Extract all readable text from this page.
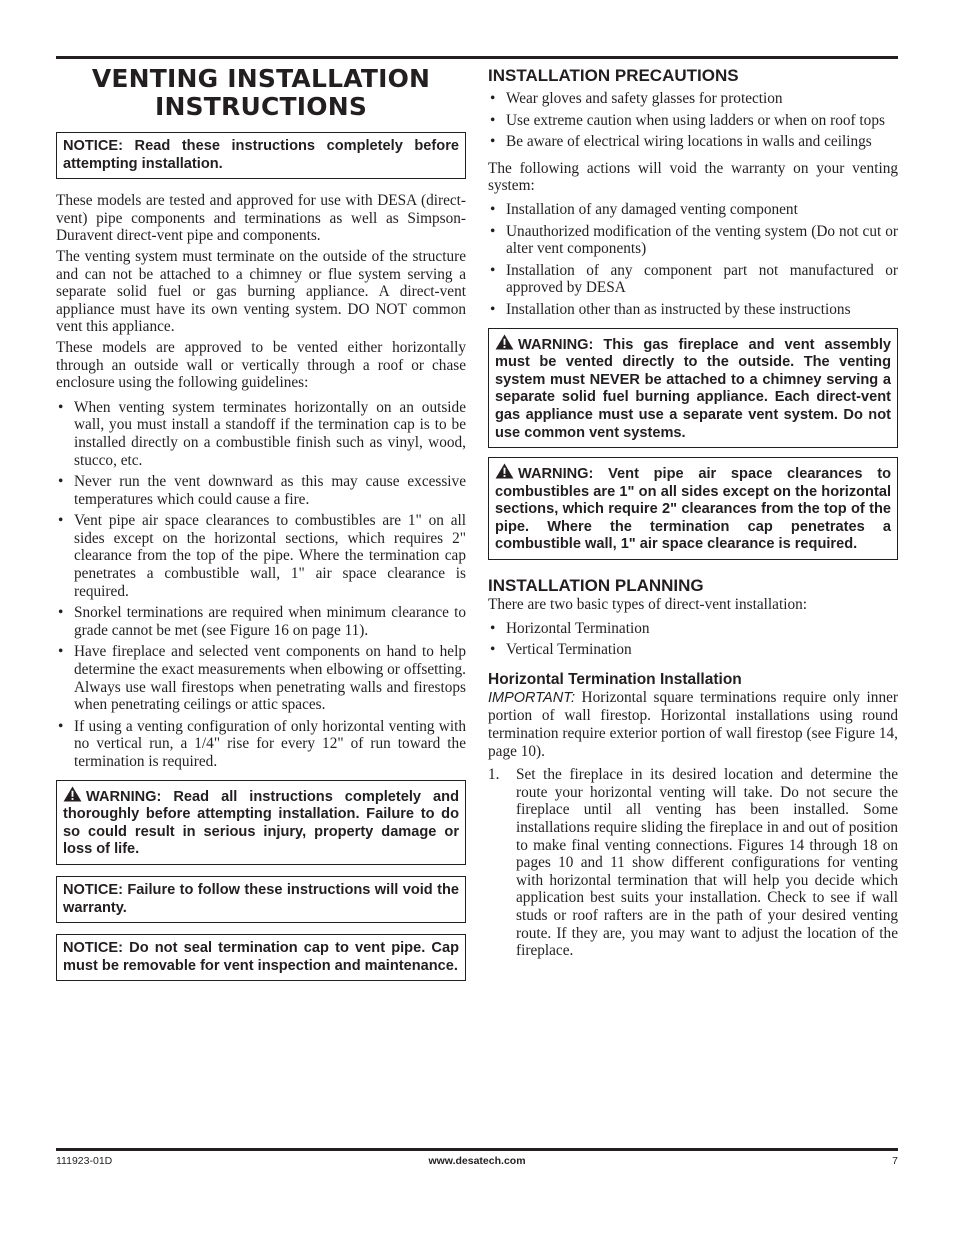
VENTING INSTALLATION
INSTRUCTIONS
NOTICE: Read these instructions completely before attempting installation.

These models are tested and approved for use with DESA (direct-vent) pipe components and terminations as well as Simpson-Duravent direct-vent pipe and components.

The venting system must terminate on the outside of the structure and can not be attached to a chimney or flue system serving a separate solid fuel or gas burning appliance. A direct-vent appliance must have its own venting system. DO NOT common vent this appliance.

These models are approved to be vented either horizontally through an outside wall or vertically through a roof or chase enclosure using the following guidelines:

• When venting system terminates horizontally on an outside wall, you must install a standoff if the termination cap is to be installed directly on a combustible finish such as vinyl, wood, stucco, etc.
• Never run the vent downward as this may cause excessive temperatures which could cause a fire.
• Vent pipe air space clearances to combustibles are 1" on all sides except on the horizontal sections, which requires 2" clearance from the top of the pipe. Where the termination cap penetrates a combustible wall, 1" air space clearance is required.
• Snorkel terminations are required when minimum clearance to grade cannot be met (see Figure 16 on page 11).
• Have fireplace and selected vent components on hand to help determine the exact measurements when elbowing or offsetting. Always use wall firestops when penetrating walls and firestops when penetrating ceilings or attic spaces.
• If using a venting configuration of only horizontal venting with no vertical run, a 1/4" rise for every 12" of run toward the termination is required.
WARNING: Read all instructions completely and thoroughly before attempting installation. Failure to do so could result in serious injury, property damage or loss of life.
NOTICE: Failure to follow these instructions will void the warranty.
NOTICE: Do not seal termination cap to vent pipe. Cap must be removable for vent inspection and maintenance.
INSTALLATION PRECAUTIONS
• Wear gloves and safety glasses for protection
• Use extreme caution when using ladders or when on roof tops
• Be aware of electrical wiring locations in walls and ceilings

The following actions will void the warranty on your venting system:

• Installation of any damaged venting component
• Unauthorized modification of the venting system (Do not cut or alter vent components)
• Installation of any component part not manufactured or approved by DESA
• Installation other than as instructed by these instructions
WARNING: This gas fireplace and vent assembly must be vented directly to the outside. The venting system must NEVER be attached to a chimney serving a separate solid fuel burning appliance. Each direct-vent gas appliance must use a separate vent system. Do not use common vent systems.
WARNING: Vent pipe air space clearances to combustibles are 1" on all sides except on the horizontal sections, which require 2" clearances from the top of the pipe. Where the termination cap penetrates a combustible wall, 1" air space clearance is required.
INSTALLATION PLANNING

There are two basic types of direct-vent installation:

• Horizontal Termination
• Vertical Termination
Horizontal Termination Installation

IMPORTANT: Horizontal square terminations require only inner portion of wall firestop. Horizontal installations using round termination require exterior portion of wall firestop (see Figure 14, page 10).

1. Set the fireplace in its desired location and determine the route your horizontal venting will take. Do not secure the fireplace until all venting has been installed. Some installations require sliding the fireplace in and out of position to make final venting connections. Figures 14 through 18 on pages 10 and 11 show different configurations for venting with horizontal termination that will help you decide which application best suits your installation. Check to see if wall studs or roof rafters are in the path of your desired venting route. If they are, you may want to adjust the location of the fireplace.
111923-01D	www.desatech.com	7
